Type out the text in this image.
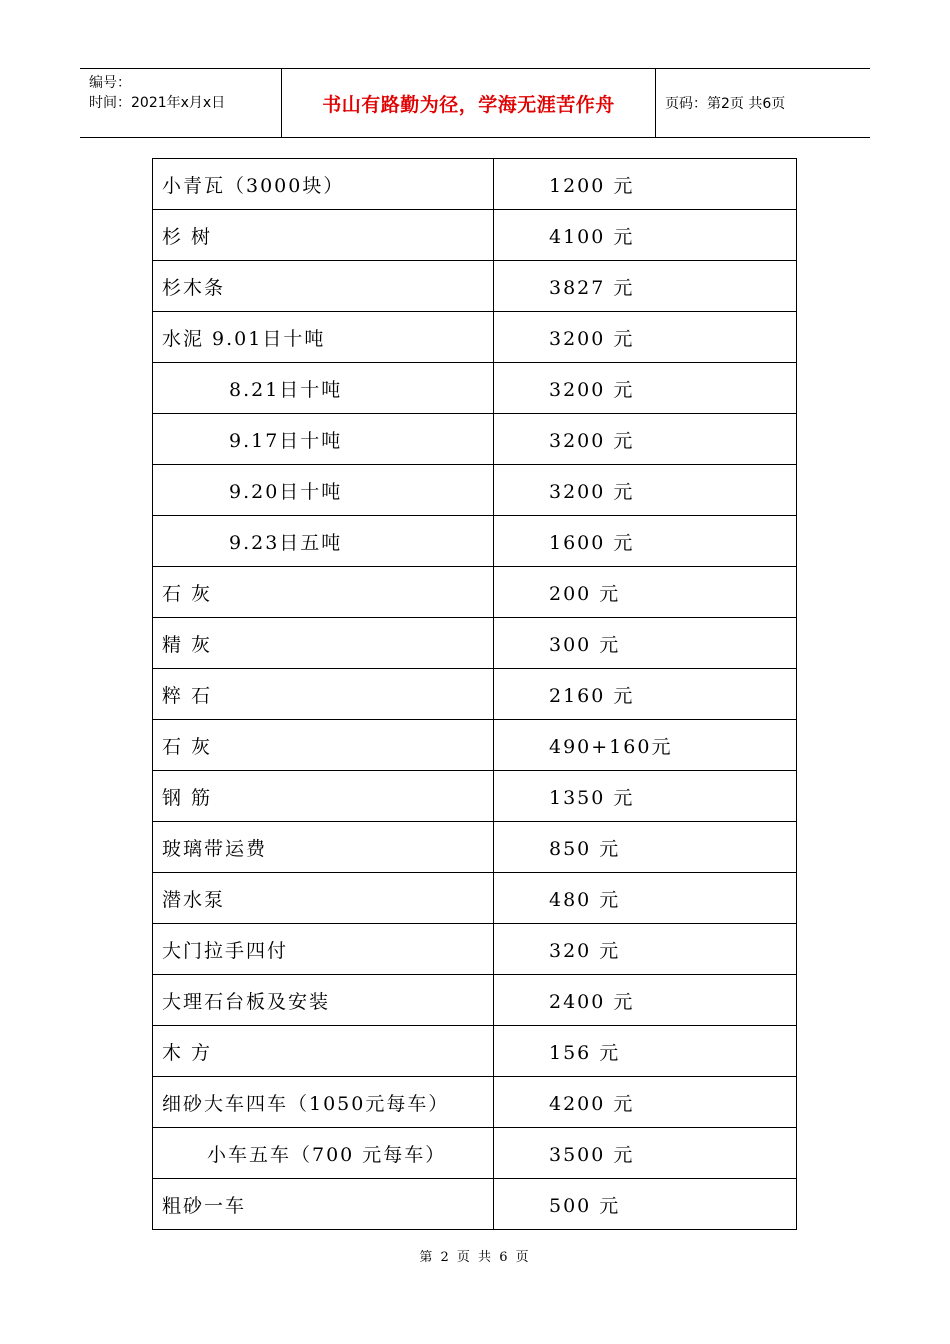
编号：
时间：2021年x月x日	书山有路勤为径，学海无涯苦作舟	页码：第2页 共6页
小青瓦（3000块）	1200 元

杉 树	4100 元

杉木条	3827 元

水泥 9.01日十吨	3200 元

8.21日十吨	3200 元

9.17日十吨	3200 元

9.20日十吨	3200 元

9.23日五吨	1600 元

石 灰	200 元

精 灰	300 元

粹 石	2160 元

石 灰	490+160元

钢 筋	1350 元

玻璃带运费	850 元

潜水泵	480 元

大门拉手四付	320 元

大理石台板及安装	2400 元

木 方	156 元

细砂大车四车（1050元每车）	4200 元

小车五车（700 元每车）	3500 元

粗砂一车	500 元
第 2 页 共 6 页
